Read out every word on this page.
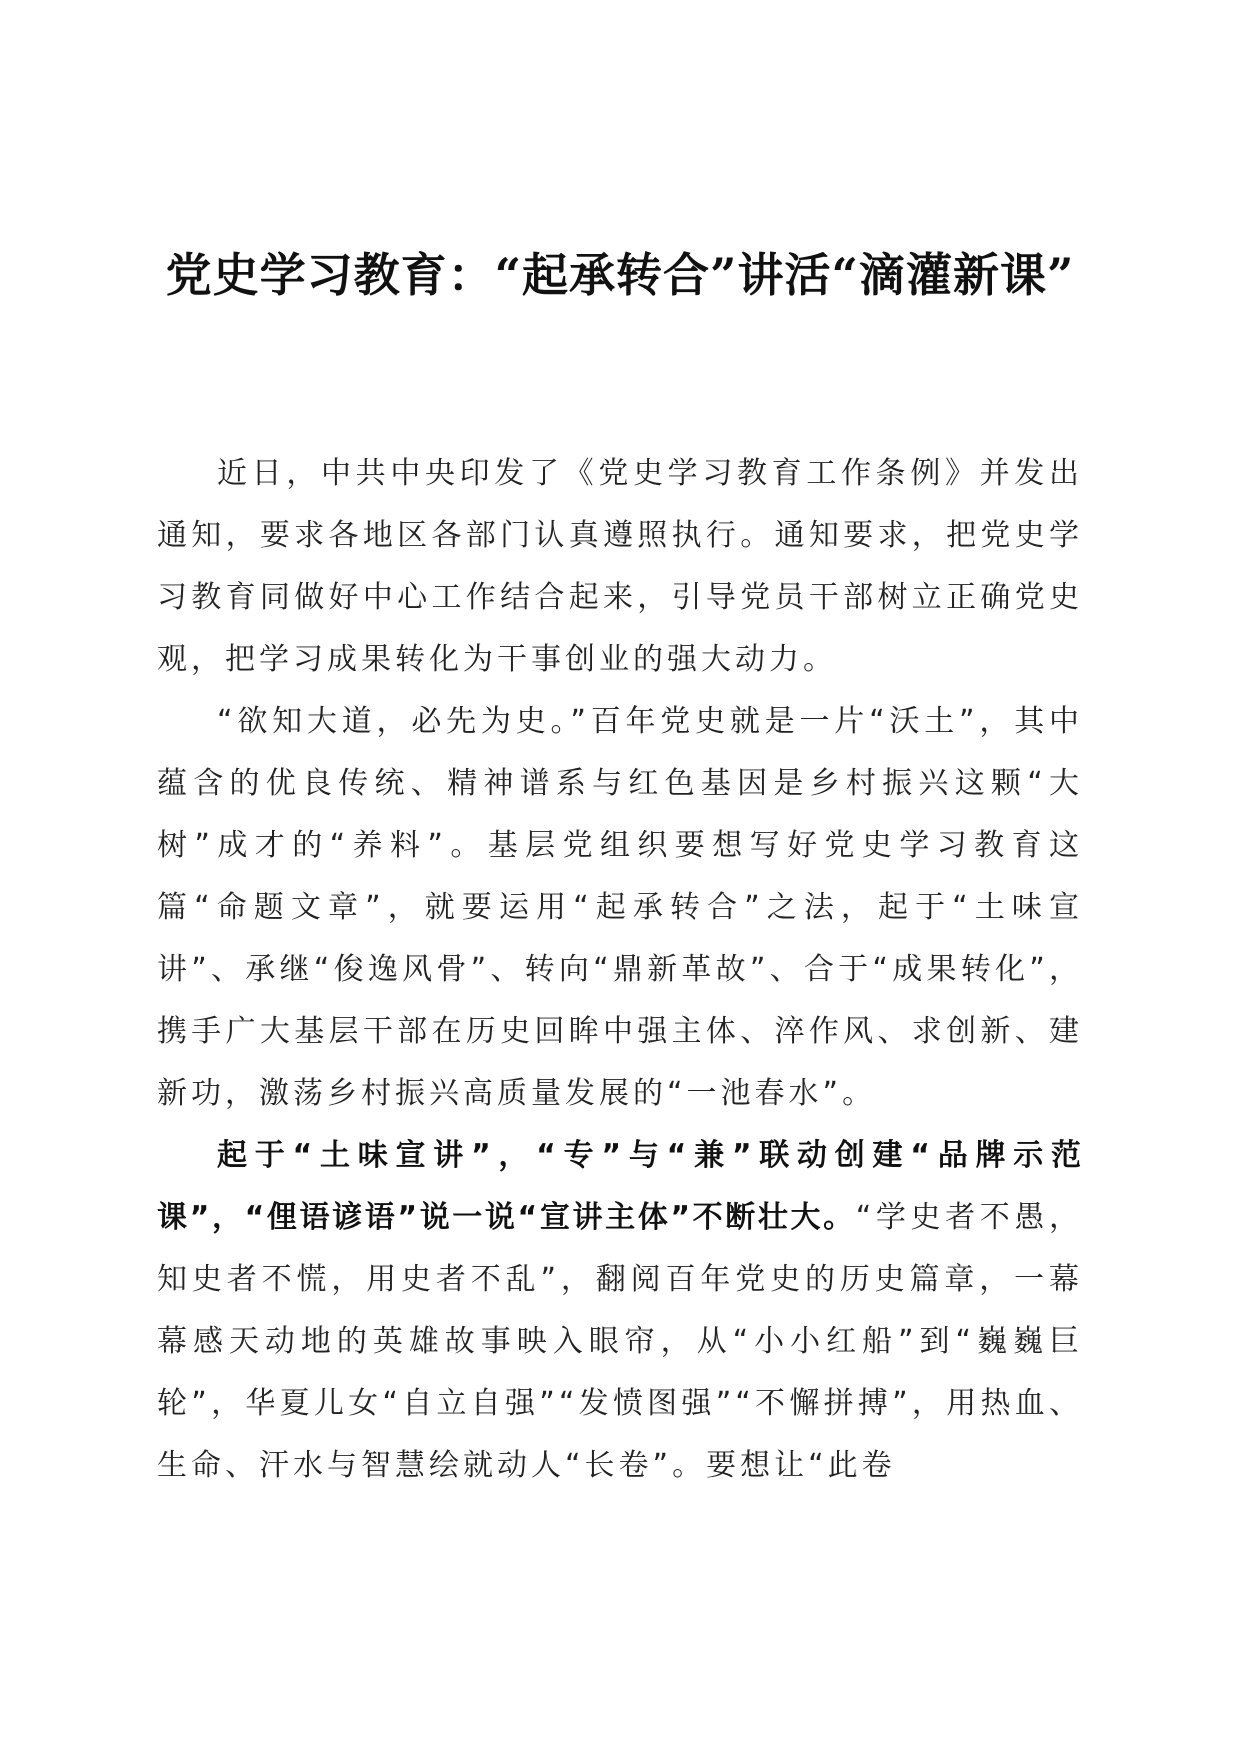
党史学习教育：“起承转合”讲活“滴灌新课”

近日，中共中央印发了《党史学习教育工作条例》并发出通知，要求各地区各部门认真遵照执行。通知要求，把党史学习教育同做好中心工作结合起来，引导党员干部树立正确党史观，把学习成果转化为干事创业的强大动力。

“欲知大道，必先为史。”百年党史就是一片“沃土”，其中蕴含的优良传统、精神谱系与红色基因是乡村振兴这颗“大树”成才的“养料”。基层党组织要想写好党史学习教育这篇“命题文章”，就要运用“起承转合”之法，起于“土味宣讲”、承继“俊逸风骨”、转向“鼎新革故”、合于“成果转化”，携手广大基层干部在历史回眸中强主体、淬作风、求创新、建新功，激荡乡村振兴高质量发展的“一池春水”。

起于“土味宣讲”，“专”与“兼”联动创建“品牌示范课”，“俚语谚语”说一说“宣讲主体”不断壮大。“学史者不愚，知史者不慌，用史者不乱”，翻阅百年党史的历史篇章，一幕幕感天动地的英雄故事映入眼帘，从“小小红船”到“巍巍巨轮”，华夏儿女“自立自强”“发愤图强”“不懈拼搏”，用热血、生命、汗水与智慧绘就动人“长卷”。要想让“此卷
